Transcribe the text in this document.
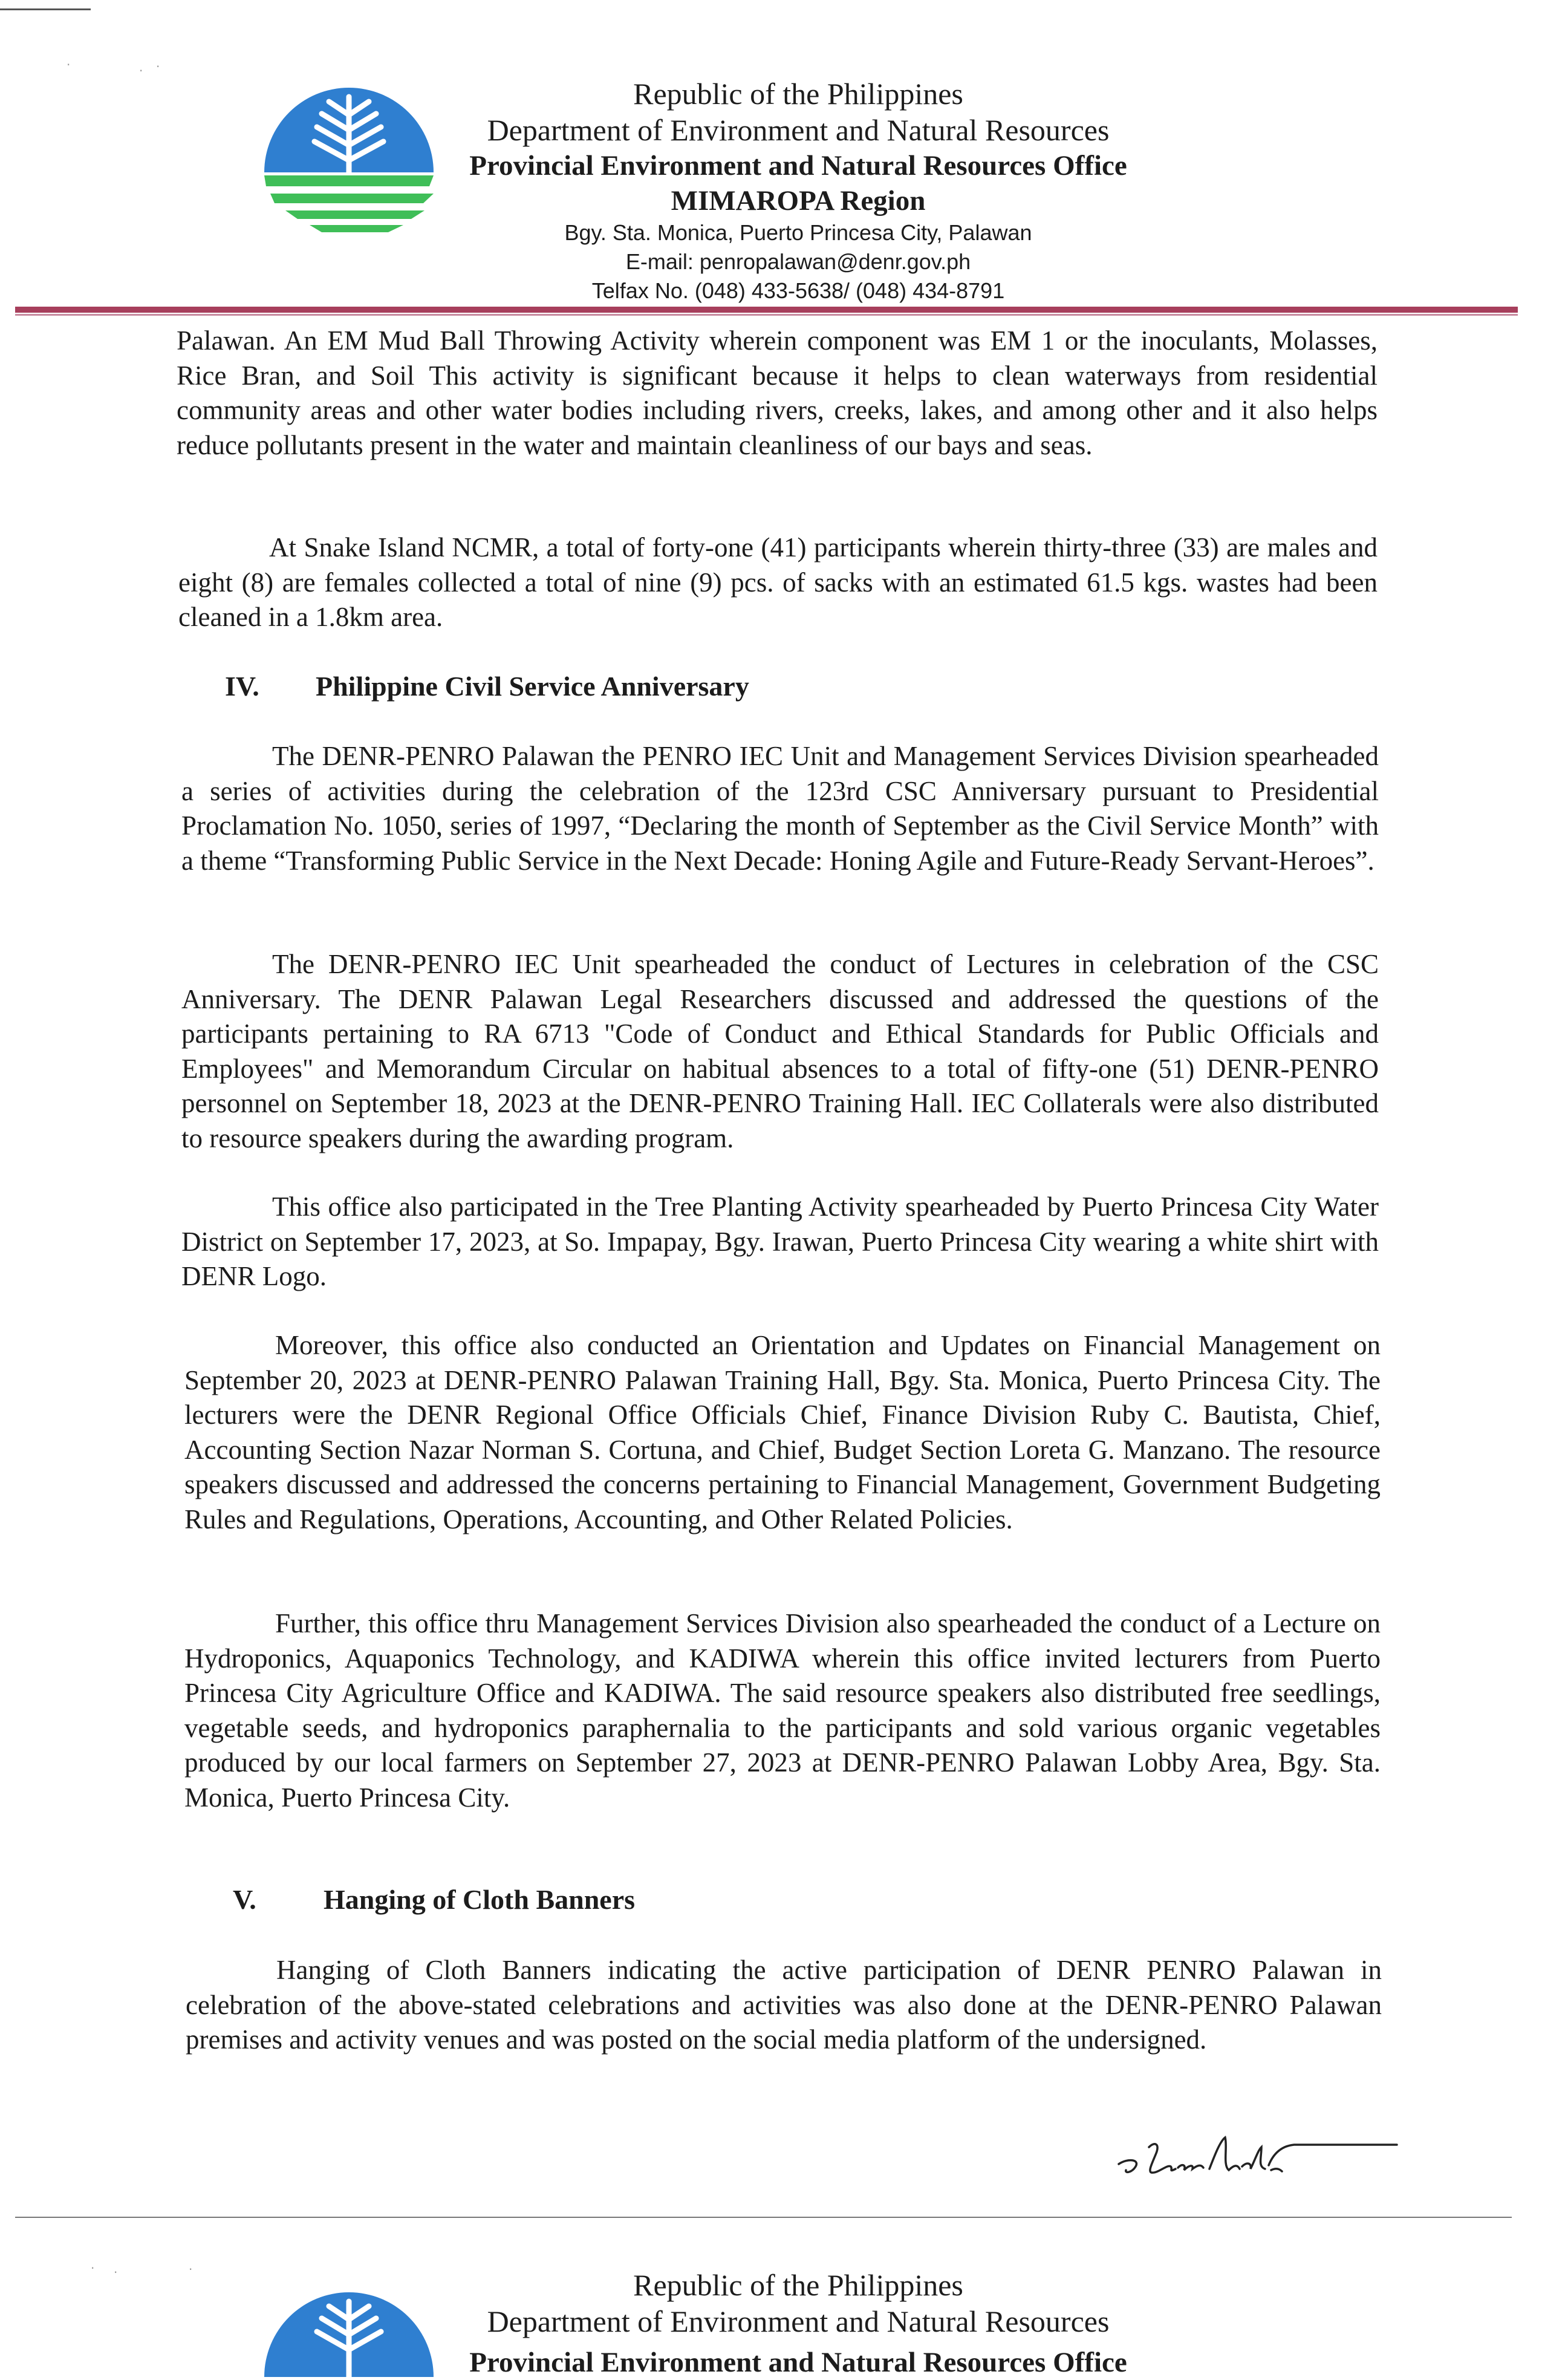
·	· ·
Republic of the Philippines
Department of Environment and Natural Resources
Provincial Environment and Natural Resources Office
MIMAROPA Region
Bgy. Sta. Monica, Puerto Princesa City, Palawan
E-mail: penropalawan@denr.gov.ph
Telfax No. (048) 433-5638/ (048) 434-8791

Palawan. An EM Mud Ball Throwing Activity wherein component was EM 1 or the inoculants, Molasses, Rice Bran, and Soil This activity is significant because it helps to clean waterways from residential community areas and other water bodies including rivers, creeks, lakes, and among other and it also helps reduce pollutants present in the water and maintain cleanliness of our bays and seas.

At Snake Island NCMR, a total of forty-one (41) participants wherein thirty-three (33) are males and eight (8) are females collected a total of nine (9) pcs. of sacks with an estimated 61.5 kgs. wastes had been cleaned in a 1.8km area.

IV. Philippine Civil Service Anniversary

The DENR-PENRO Palawan the PENRO IEC Unit and Management Services Division spearheaded a series of activities during the celebration of the 123rd CSC Anniversary pursuant to Presidential Proclamation No. 1050, series of 1997, “Declaring the month of September as the Civil Service Month” with a theme “Transforming Public Service in the Next Decade: Honing Agile and Future-Ready Servant-Heroes”.

The DENR-PENRO IEC Unit spearheaded the conduct of Lectures in celebration of the CSC Anniversary. The DENR Palawan Legal Researchers discussed and addressed the questions of the participants pertaining to RA 6713 "Code of Conduct and Ethical Standards for Public Officials and Employees" and Memorandum Circular on habitual absences to a total of fifty-one (51) DENR-PENRO personnel on September 18, 2023 at the DENR-PENRO Training Hall. IEC Collaterals were also distributed to resource speakers during the awarding program.

This office also participated in the Tree Planting Activity spearheaded by Puerto Princesa City Water District on September 17, 2023, at So. Impapay, Bgy. Irawan, Puerto Princesa City wearing a white shirt with DENR Logo.

Moreover, this office also conducted an Orientation and Updates on Financial Management on September 20, 2023 at DENR-PENRO Palawan Training Hall, Bgy. Sta. Monica, Puerto Princesa City. The lecturers were the DENR Regional Office Officials Chief, Finance Division Ruby C. Bautista, Chief, Accounting Section Nazar Norman S. Cortuna, and Chief, Budget Section Loreta G. Manzano. The resource speakers discussed and addressed the concerns pertaining to Financial Management, Government Budgeting Rules and Regulations, Operations, Accounting, and Other Related Policies.

Further, this office thru Management Services Division also spearheaded the conduct of a Lecture on Hydroponics, Aquaponics Technology, and KADIWA wherein this office invited lecturers from Puerto Princesa City Agriculture Office and KADIWA. The said resource speakers also distributed free seedlings, vegetable seeds, and hydroponics paraphernalia to the participants and sold various organic vegetables produced by our local farmers on September 27, 2023 at DENR-PENRO Palawan Lobby Area, Bgy. Sta. Monica, Puerto Princesa City.

V. Hanging of Cloth Banners

Hanging of Cloth Banners indicating the active participation of DENR PENRO Palawan in celebration of the above-stated celebrations and activities was also done at the DENR-PENRO Palawan premises and activity venues and was posted on the social media platform of the undersigned.

· ·	·	Republic of the Philippines
Department of Environment and Natural Resources
Provincial Environment and Natural Resources Office
